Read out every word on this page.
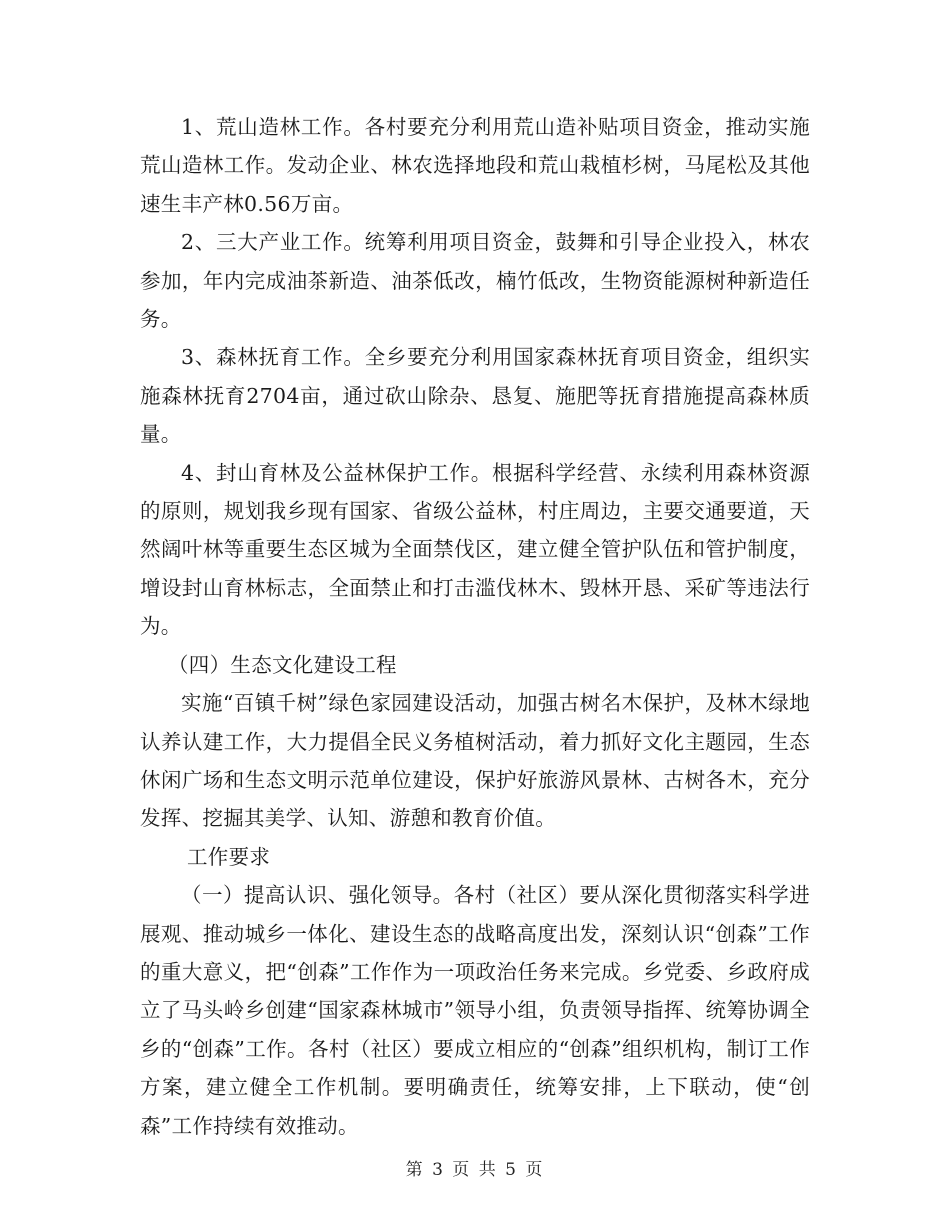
1、荒山造林工作。各村要充分利用荒山造补贴项目资金，推动实施荒山造林工作。发动企业、林农选择地段和荒山栽植杉树，马尾松及其他速生丰产林0.56万亩。

2、三大产业工作。统筹利用项目资金，鼓舞和引导企业投入，林农参加，年内完成油茶新造、油茶低改，楠竹低改，生物资能源树种新造任务。

3、森林抚育工作。全乡要充分利用国家森林抚育项目资金，组织实施森林抚育2704亩，通过砍山除杂、恳复、施肥等抚育措施提高森林质量。

4、封山育林及公益林保护工作。根据科学经营、永续利用森林资源的原则，规划我乡现有国家、省级公益林，村庄周边，主要交通要道，天然阔叶林等重要生态区城为全面禁伐区，建立健全管护队伍和管护制度，增设封山育林标志，全面禁止和打击滥伐林木、毁林开恳、采矿等违法行为。

（四）生态文化建设工程

实施“百镇千树”绿色家园建设活动，加强古树名木保护，及林木绿地认养认建工作，大力提倡全民义务植树活动，着力抓好文化主题园，生态休闲广场和生态文明示范单位建设，保护好旅游风景林、古树各木，充分发挥、挖掘其美学、认知、游憩和教育价值。

工作要求

（一）提高认识、强化领导。各村（社区）要从深化贯彻落实科学进展观、推动城乡一体化、建设生态的战略高度出发，深刻认识“创森”工作的重大意义，把“创森”工作作为一项政治任务来完成。乡党委、乡政府成立了马头岭乡创建“国家森林城市”领导小组，负责领导指挥、统筹协调全乡的“创森”工作。各村（社区）要成立相应的“创森”组织机构，制订工作方案，建立健全工作机制。要明确责任，统筹安排，上下联动，使“创森”工作持续有效推动。

第 3 页 共 5 页
